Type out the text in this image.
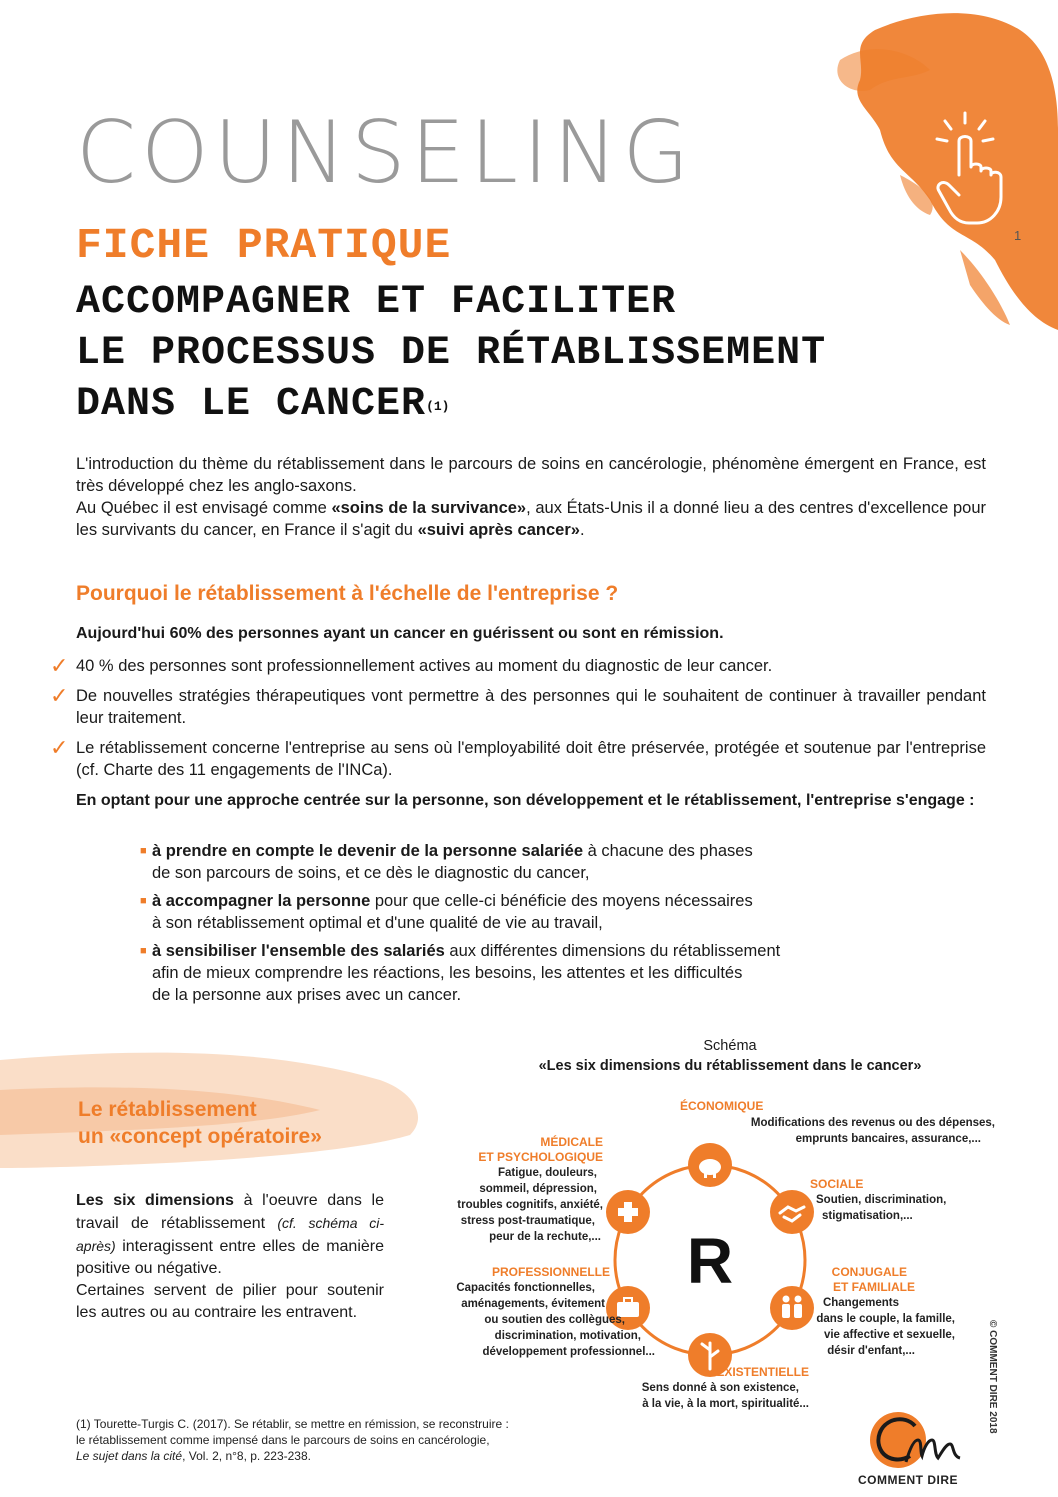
1
COUNSELING
FICHE PRATIQUE
ACCOMPAGNER ET FACILITER
LE PROCESSUS DE RÉTABLISSEMENT
DANS LE CANCER$^{(1)}$
L'introduction du thème du rétablissement dans le parcours de soins en cancérologie, phénomène émergent en France, est très développé chez les anglo-saxons.
Au Québec il est envisagé comme «soins de la survivance», aux États-Unis il a donné lieu a des centres d'excellence pour les survivants du cancer, en France il s'agit du «suivi après cancer».
Pourquoi le rétablissement à l'échelle de l'entreprise ?
Aujourd'hui 60% des personnes ayant un cancer en guérissent ou sont en rémission.
✓ 40 % des personnes sont professionnellement actives au moment du diagnostic de leur cancer.
✓ De nouvelles stratégies thérapeutiques vont permettre à des personnes qui le souhaitent de continuer à travailler pendant leur traitement.
✓ Le rétablissement concerne l'entreprise au sens où l'employabilité doit être préservée, protégée et soutenue par l'entreprise (cf. Charte des 11 engagements de l'INCa).
En optant pour une approche centrée sur la personne, son développement et le rétablissement, l'entreprise s'engage :
■ à prendre en compte le devenir de la personne salariée à chacune des phases
de son parcours de soins, et ce dès le diagnostic du cancer,
■ à accompagner la personne pour que celle-ci bénéficie des moyens nécessaires
à son rétablissement optimal et d'une qualité de vie au travail,
■ à sensibiliser l'ensemble des salariés aux différentes dimensions du rétablissement
afin de mieux comprendre les réactions, les besoins, les attentes et les difficultés
de la personne aux prises avec un cancer.
Schéma
«Les six dimensions du rétablissement dans le cancer»
Le rétablissement
un «concept opératoire»
Les six dimensions à l'oeuvre dans le travail de rétablissement (cf. schéma ci-après) interagissent entre elles de manière positive ou négative.
Certaines servent de pilier pour soutenir les autres ou au contraire les entravent.
R
ÉCONOMIQUE
Modifications des revenus ou des dépenses,
emprunts bancaires, assurance,...
SOCIALE
Soutien, discrimination,
stigmatisation,...
CONJUGALE
ET FAMILIALE
Changements
dans le couple, la famille,
vie affective et sexuelle,
désir d'enfant,...
EXISTENTIELLE
Sens donné à son existence,
à la vie, à la mort, spiritualité...
PROFESSIONNELLE
Capacités fonctionnelles,
aménagements, évitement
ou soutien des collègues,
discrimination, motivation,
développement professionnel...
MÉDICALE
ET PSYCHOLOGIQUE
Fatigue, douleurs,
sommeil, dépression,
troubles cognitifs, anxiété,
stress post-traumatique,
peur de la rechute,...
(1) Tourette-Turgis C. (2017). Se rétablir, se mettre en rémission, se reconstruire :
le rétablissement comme impensé dans le parcours de soins en cancérologie,
Le sujet dans la cité, Vol. 2, n°8, p. 223-238.
© COMMENT DIRE 2018
COMMENT DIRE
